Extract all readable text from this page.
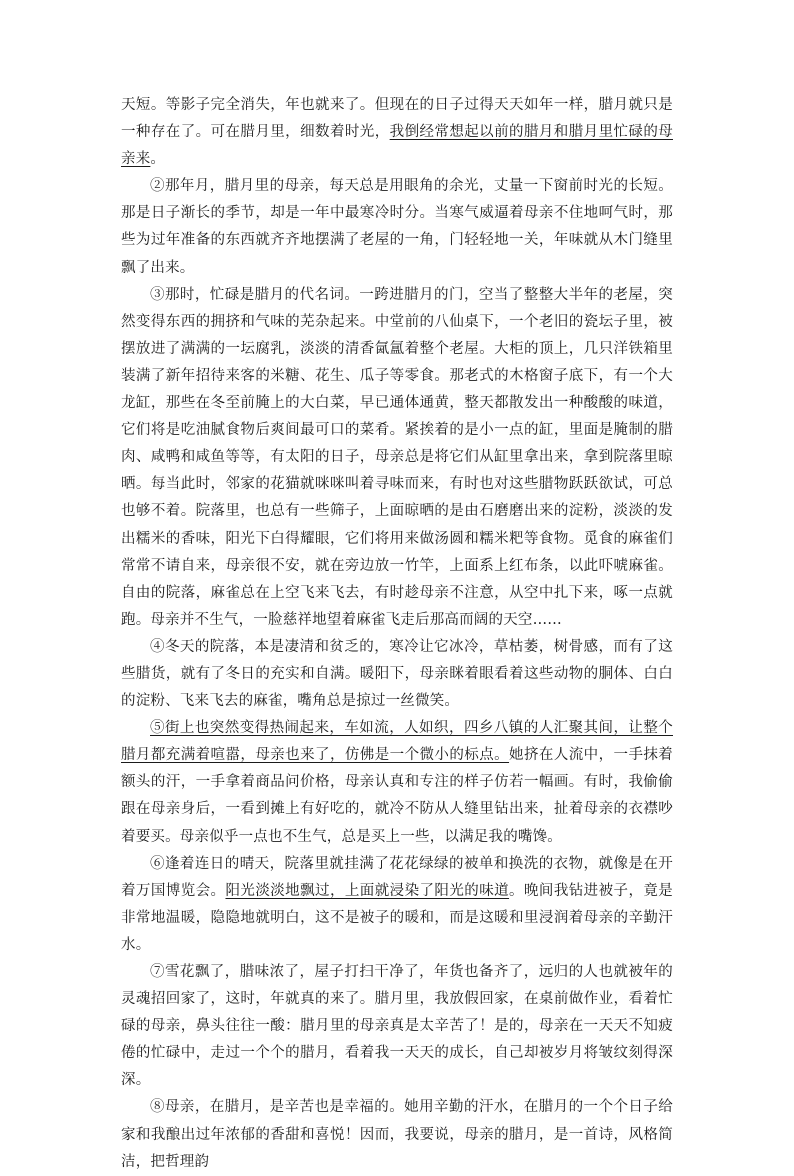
天短。等影子完全消失，年也就来了。但现在的日子过得天天如年一样，腊月就只是一种存在了。可在腊月里，细数着时光，我倒经常想起以前的腊月和腊月里忙碌的母亲来。

②那年月，腊月里的母亲，每天总是用眼角的余光，丈量一下窗前时光的长短。那是日子渐长的季节，却是一年中最寒冷时分。当寒气威逼着母亲不住地呵气时，那些为过年准备的东西就齐齐地摆满了老屋的一角，门轻轻地一关，年味就从木门缝里飘了出来。

③那时，忙碌是腊月的代名词。一跨进腊月的门，空当了整整大半年的老屋，突然变得东西的拥挤和气味的芜杂起来。中堂前的八仙桌下，一个老旧的瓷坛子里，被摆放进了满满的一坛腐乳，淡淡的清香氤氲着整个老屋。大柜的顶上，几只洋铁箱里装满了新年招待来客的米糖、花生、瓜子等零食。那老式的木格窗子底下，有一个大龙缸，那些在冬至前腌上的大白菜，早已通体通黄，整天都散发出一种酸酸的味道，它们将是吃油腻食物后爽间最可口的菜肴。紧挨着的是小一点的缸，里面是腌制的腊肉、咸鸭和咸鱼等等，有太阳的日子，母亲总是将它们从缸里拿出来，拿到院落里晾晒。每当此时，邻家的花猫就咪咪叫着寻味而来，有时也对这些腊物跃跃欲试，可总也够不着。院落里，也总有一些筛子，上面晾晒的是由石磨磨出来的淀粉，淡淡的发出糯米的香味，阳光下白得耀眼，它们将用来做汤圆和糯米粑等食物。觅食的麻雀们常常不请自来，母亲很不安，就在旁边放一竹竿，上面系上红布条，以此吓唬麻雀。自由的院落，麻雀总在上空飞来飞去，有时趁母亲不注意，从空中扎下来，啄一点就跑。母亲并不生气，一脸慈祥地望着麻雀飞走后那高而阔的天空……

④冬天的院落，本是凄清和贫乏的，寒冷让它冰冷，草枯萎，树骨感，而有了这些腊货，就有了冬日的充实和自满。暖阳下，母亲眯着眼看着这些动物的胴体、白白的淀粉、飞来飞去的麻雀，嘴角总是掠过一丝微笑。

⑤街上也突然变得热闹起来，车如流，人如织，四乡八镇的人汇聚其间，让整个腊月都充满着喧嚣，母亲也来了，仿佛是一个微小的标点。她挤在人流中，一手抹着额头的汗，一手拿着商品问价格，母亲认真和专注的样子仿若一幅画。有时，我偷偷跟在母亲身后，一看到摊上有好吃的，就冷不防从人缝里钻出来，扯着母亲的衣襟吵着要买。母亲似乎一点也不生气，总是买上一些，以满足我的嘴馋。

⑥逢着连日的晴天，院落里就挂满了花花绿绿的被单和换洗的衣物，就像是在开着万国博览会。阳光淡淡地飘过，上面就浸染了阳光的味道。晚间我钻进被子，竟是非常地温暖，隐隐地就明白，这不是被子的暖和，而是这暖和里浸润着母亲的辛勤汗水。

⑦雪花飘了，腊味浓了，屋子打扫干净了，年货也备齐了，远归的人也就被年的灵魂招回家了，这时，年就真的来了。腊月里，我放假回家，在桌前做作业，看着忙碌的母亲，鼻头往往一酸：腊月里的母亲真是太辛苦了！是的，母亲在一天天不知疲倦的忙碌中，走过一个个的腊月，看着我一天天的成长，自己却被岁月将皱纹刻得深深。

⑧母亲，在腊月，是辛苦也是幸福的。她用辛勤的汗水，在腊月的一个个日子给家和我酿出过年浓郁的香甜和喜悦！因而，我要说，母亲的腊月，是一首诗，风格简洁，把哲理韵
